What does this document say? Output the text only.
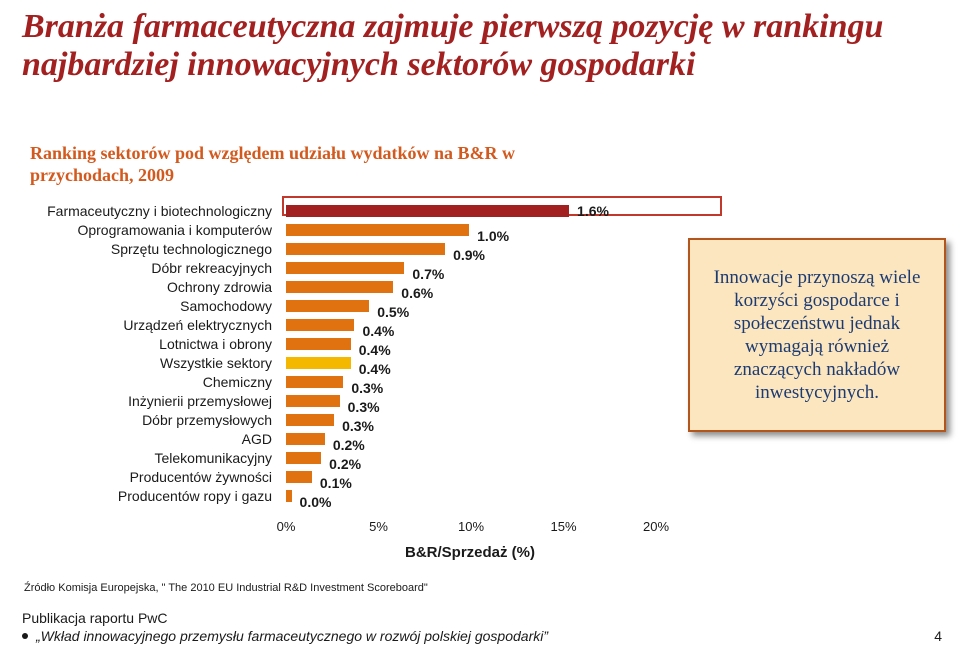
Branża farmaceutyczna zajmuje pierwszą pozycję w rankingu najbardziej innowacyjnych sektorów gospodarki
Ranking sektorów pod względem udziału wydatków na B&R w przychodach, 2009
Farmaceutyczny i biotechnologiczny	1.6%
Oprogramowania i komputerów	1.0%
Sprzętu technologicznego	0.9%
Dóbr rekreacyjnych	0.7%
Ochrony zdrowia	0.6%
Samochodowy	0.5%
Urządzeń elektrycznych	0.4%
Lotnictwa i obrony	0.4%
Wszystkie sektory	0.4%
Chemiczny	0.3%
Inżynierii przemysłowej	0.3%
Dóbr przemysłowych	0.3%
AGD	0.2%
Telekomunikacyjny	0.2%
Producentów żywności	0.1%
Producentów ropy i gazu 0.0%
0%	5%	10%	15%	20%
B&R/Sprzedaż (%)
Innowacje przynoszą wiele korzyści gospodarce i społeczeństwu jednak wymagają również znaczących nakładów inwestycyjnych.
Źródło Komisja Europejska, " The 2010 EU Industrial R&D Investment Scoreboard"
Publikacja raportu PwC
„Wkład innowacyjnego przemysłu farmaceutycznego w rozwój polskiej gospodarki”	4
